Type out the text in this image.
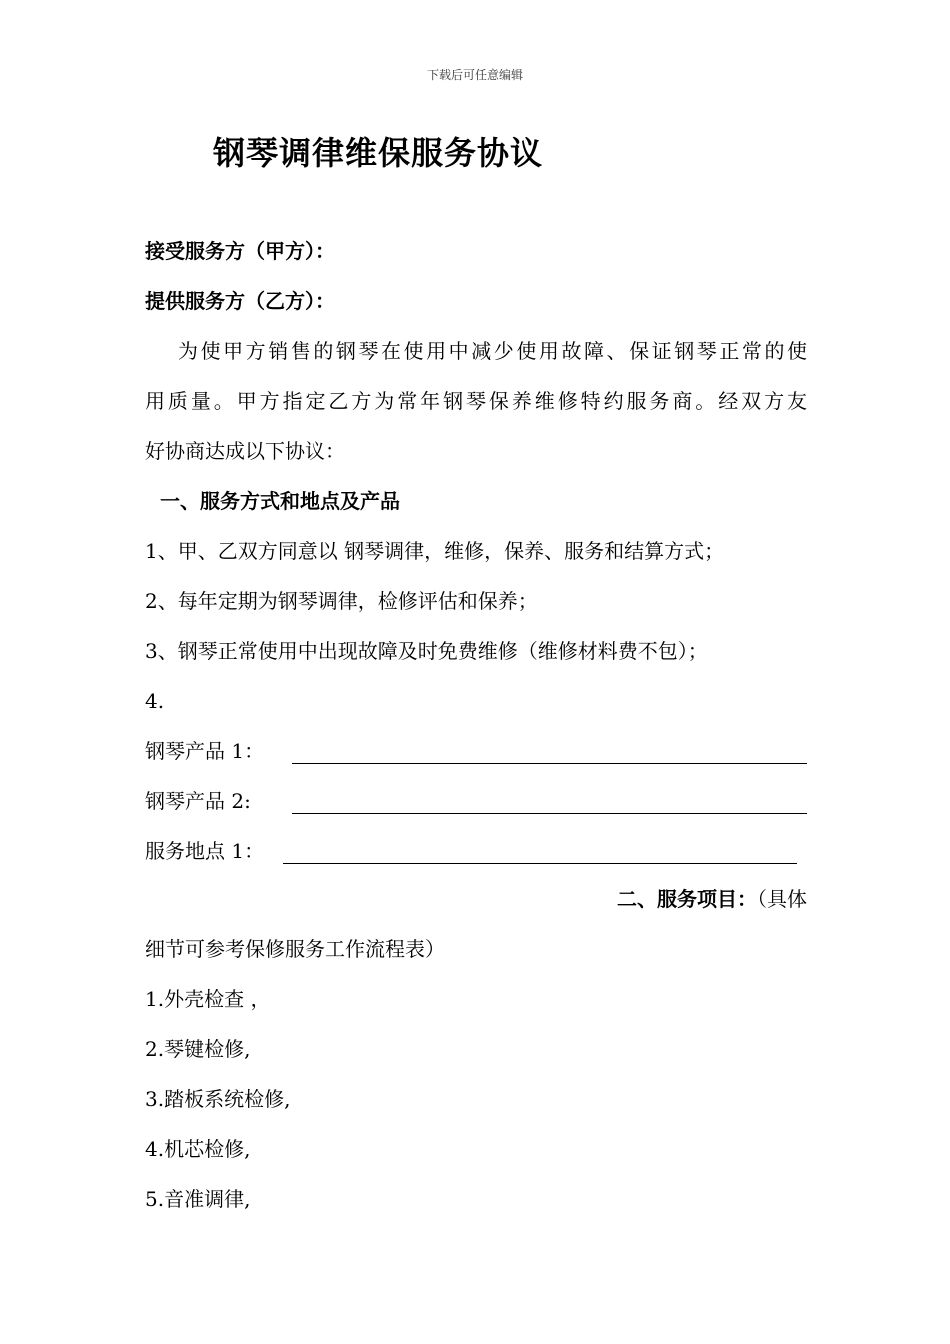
下载后可任意编辑
钢琴调律维保服务协议
接受服务方（甲方）：
提供服务方（乙方）：
为使甲方销售的钢琴在使用中减少使用故障、保证钢琴正常的使
用质量。甲方指定乙方为常年钢琴保养维修特约服务商。经双方友
好协商达成以下协议：
一、服务方式和地点及产品
1、甲、乙双方同意以 钢琴调律，维修，保养、服务和结算方式；
2、每年定期为钢琴调律，检修评估和保养；
3、钢琴正常使用中出现故障及时免费维修（维修材料费不包）；
4.
钢琴产品 1：
钢琴产品 2:
服务地点 1：
二、服务项目：（具体
细节可参考保修服务工作流程表）
1.外壳检查 ，
2.琴键检修,
3.踏板系统检修,
4.机芯检修,
5.音准调律,
